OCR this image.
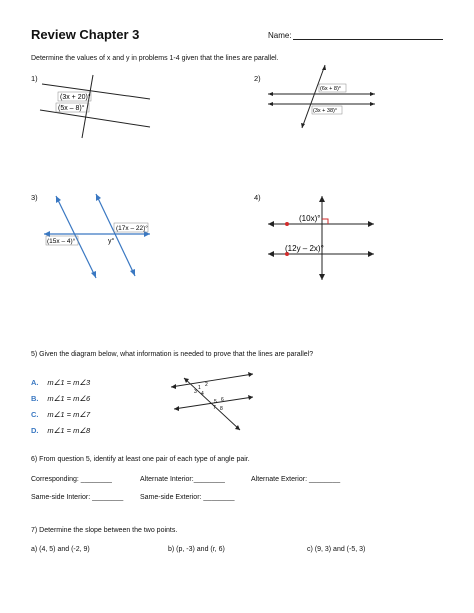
Review Chapter 3	Name:
Determine the values of x and y in problems 1-4 given that the lines are parallel.
1)	2)
3)	4)
(3x + 20)°
(5x – 8)°
(6x + 8)°
(3x + 38)°
(17x – 22)°
(15x – 4)°	y°
(10x)°
(12y – 2x)°
5) Given the diagram below, what information is needed to prove that the lines are parallel?
A. m∠1 = m∠3
B. m∠1 = m∠6
C. m∠1 = m∠7
D. m∠1 = m∠8
1 2
3 4
5 6
7 8
6) From question 5, identify at least one pair of each type of angle pair.
Corresponding: ________	Alternate Interior:________	Alternate Exterior: ________
Same-side Interior: ________ Same-side Exterior: ________
7) Determine the slope between the two points.
a) (4, 5) and (-2, 9)	b) (p, -3) and (r, 6)	c) (9, 3) and (-5, 3)
